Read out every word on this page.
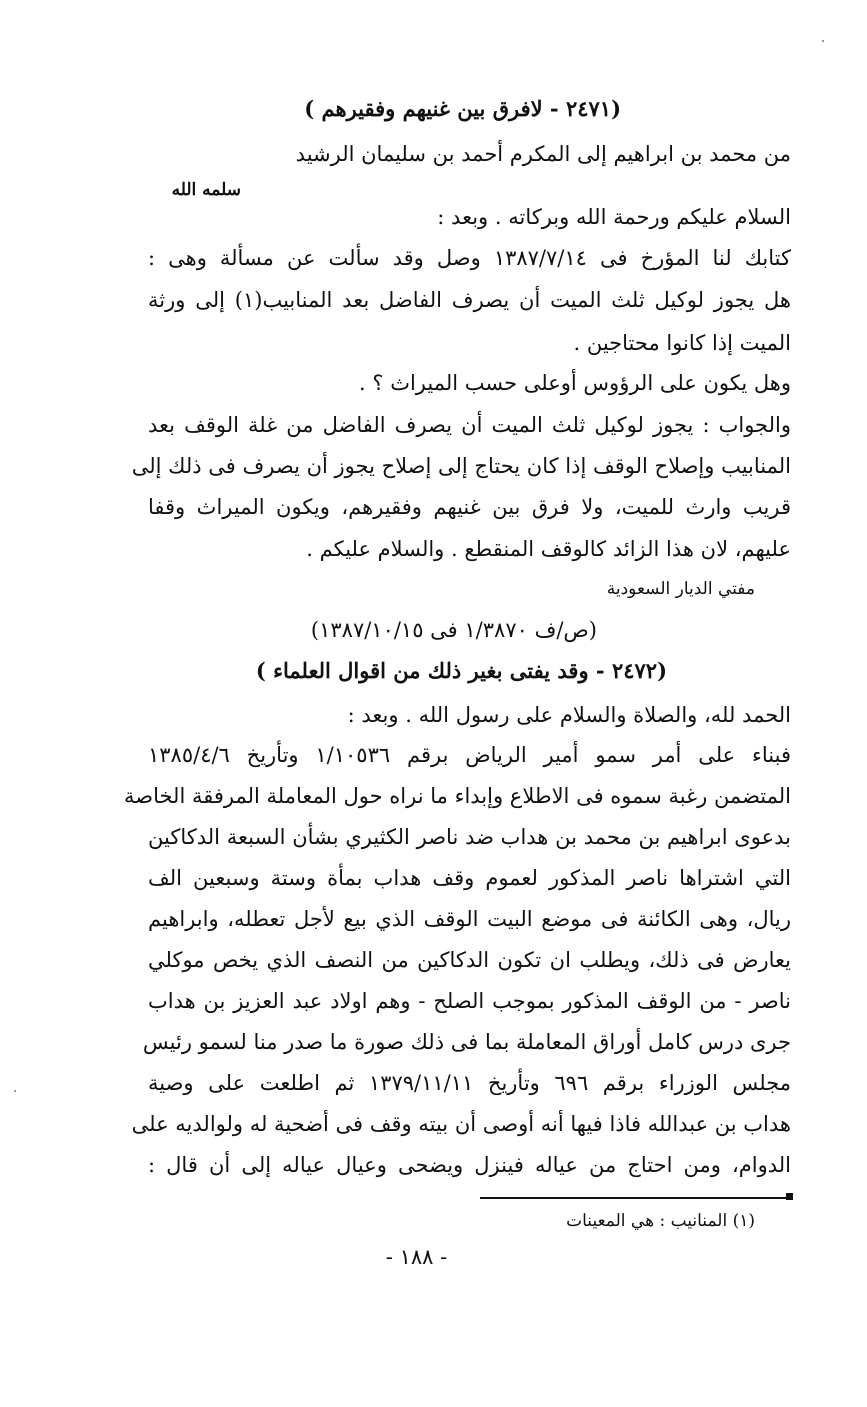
(٢٤٧١ - لافرق بين غنيهم وفقيرهم )
من محمد بن ابراهيم إلى المكرم أحمد بن سليمان الرشيد
سلمه الله
السلام عليكم ورحمة الله وبركاته . وبعد :
كتابك لنا المؤرخ فى ١٣٨٧/٧/١٤ وصل وقد سألت عن مسألة وهى :
هل يجوز لوكيل ثلث الميت أن يصرف الفاضل بعد المنابيب(١) إلى ورثة
الميت إذا كانوا محتاجين .
وهل يكون على الرؤوس أوعلى حسب الميراث ؟ .
والجواب : يجوز لوكيل ثلث الميت أن يصرف الفاضل من غلة الوقف بعد
المنابيب وإصلاح الوقف إذا كان يحتاج إلى إصلاح يجوز أن يصرف فى ذلك إلى
قريب وارث للميت، ولا فرق بين غنيهم وفقيرهم، ويكون الميراث وقفا
عليهم، لان هذا الزائد كالوقف المنقطع . والسلام عليكم .
مفتي الديار السعودية
(ص/ف ١/٣٨٧٠ فى ١٣٨٧/١٠/١٥)
(٢٤٧٢ - وقد يفتى بغير ذلك من اقوال العلماء )
الحمد لله، والصلاة والسلام على رسول الله . وبعد :
فبناء على أمر سمو أمير الرياض برقم ١/١٠٥٣٦ وتأريخ ١٣٨٥/٤/٦
المتضمن رغبة سموه فى الاطلاع وإبداء ما نراه حول المعاملة المرفقة الخاصة
بدعوى ابراهيم بن محمد بن هداب ضد ناصر الكثيري بشأن السبعة الدكاكين
التي اشتراها ناصر المذكور لعموم وقف هداب بمأة وستة وسبعين الف
ريال، وهى الكائنة فى موضع البيت الوقف الذي بيع لأجل تعطله، وابراهيم
يعارض فى ذلك، ويطلب ان تكون الدكاكين من النصف الذي يخص موكلي
ناصر - من الوقف المذكور بموجب الصلح - وهم اولاد عبد العزيز بن هداب
جرى درس كامل أوراق المعاملة بما فى ذلك صورة ما صدر منا لسمو رئيس
مجلس الوزراء برقم ٦٩٦ وتأريخ ١٣٧٩/١١/١١ ثم اطلعت على وصية
هداب بن عبدالله فاذا فيها أنه أوصى أن بيته وقف فى أضحية له ولوالديه على
الدوام، ومن احتاج من عياله فينزل ويضحى وعيال عياله إلى أن قال :
(١) المنانيب : هي المعينات
- ١٨٨ -
